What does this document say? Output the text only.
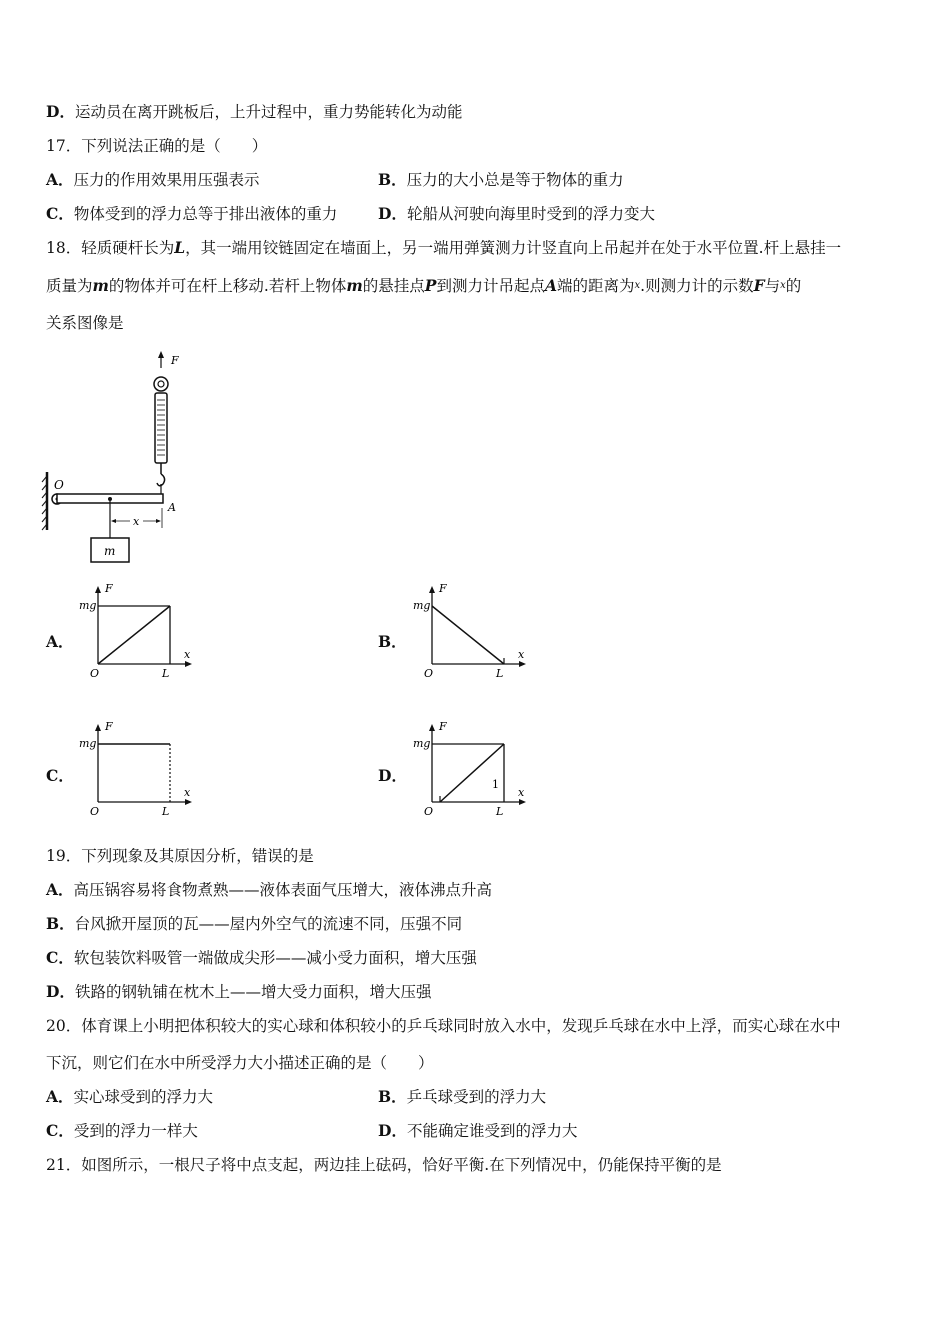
D．运动员在离开跳板后，上升过程中，重力势能转化为动能
17．下列说法正确的是（　　）
A．压力的作用效果用压强表示	B．压力的大小总是等于物体的重力
C．物体受到的浮力总等于排出液体的重力	D．轮船从河驶向海里时受到的浮力变大
18．轻质硬杆长为L，其一端用铰链固定在墙面上，另一端用弹簧测力计竖直向上吊起并在处于水平位置.杆上悬挂一
质量为m的物体并可在杆上移动.若杆上物体m的悬挂点P到测力计吊起点A端的距离为x.则测力计的示数F与x的
关系图像是
O
A
F
m
x
A．
F
mg
O	L
x
B．
F
mg
O	L
x
C．
F
mg
O	L
x
D．	1
F
mg
O	L
x
19．下列现象及其原因分析，错误的是
A．高压锅容易将食物煮熟——液体表面气压增大，液体沸点升高
B．台风掀开屋顶的瓦——屋内外空气的流速不同，压强不同
C．软包装饮料吸管一端做成尖形——减小受力面积，增大压强
D．铁路的钢轨铺在枕木上——增大受力面积，增大压强
20．体育课上小明把体积较大的实心球和体积较小的乒乓球同时放入水中，发现乒乓球在水中上浮，而实心球在水中
下沉，则它们在水中所受浮力大小描述正确的是（　　）
A．实心球受到的浮力大	B．乒乓球受到的浮力大
C．受到的浮力一样大	D．不能确定谁受到的浮力大
21．如图所示，一根尺子将中点支起，两边挂上砝码，恰好平衡.在下列情况中，仍能保持平衡的是
